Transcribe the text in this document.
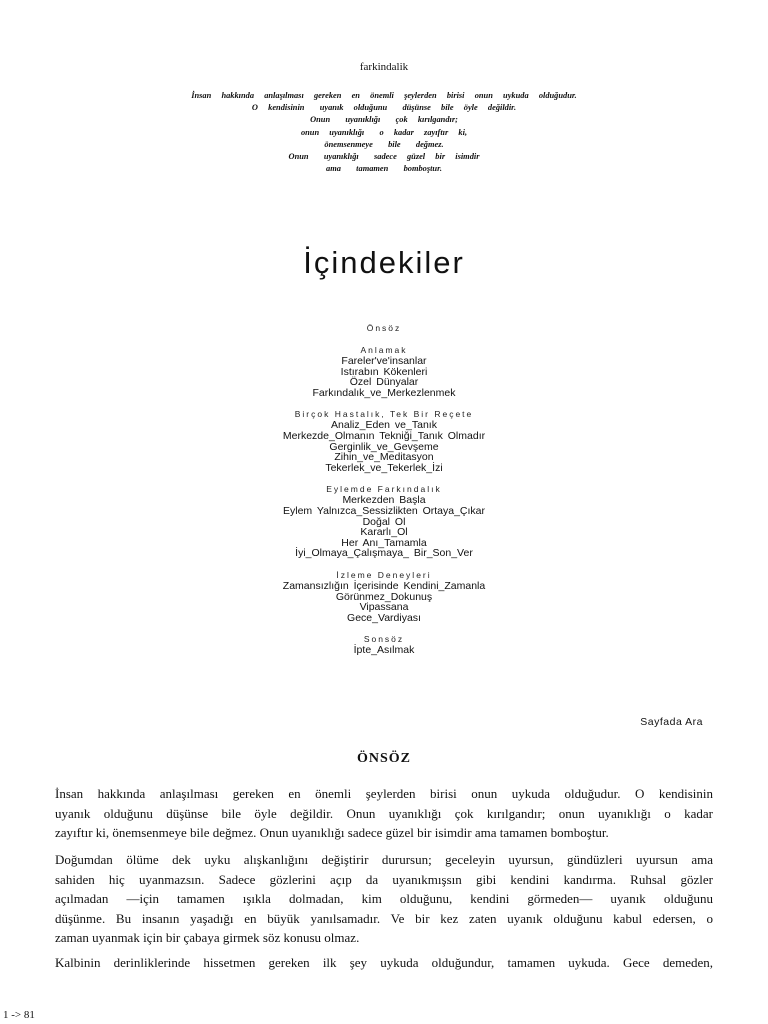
farkindalik
İnsan  hakkında  anlaşılması  gereken  en  önemli  şeylerden  birisi  onun  uykuda  olduğudur.
O  kendisinin   uyanık  olduğunu   düşünse  bile  öyle  değildir.
Onun   uyanıklığı   çok  kırılgandır;
onun  uyanıklığı   o  kadar  zayıftır  ki,
önemsenmeye   bile   değmez.
Onun   uyanıklığı   sadece  güzel  bir  isimdir
ama   tamamen   bomboştur.
İçindekiler
Önsöz
Anlamak
Fareler've'insanlar
Istırabın Kökenleri
Özel Dünyalar
Farkındalık_ve_Merkezlenmek
Birçok Hastalık, Tek Bir Reçete
Analiz_Eden ve_Tanık
Merkezde_Olmanın Tekniği_Tanık Olmadır
Gerginlik_ve_Gevşeme
Zihin_ve_Meditasyon
Tekerlek_ve_Tekerlek_İzi
Eylemde Farkındalık
Merkezden Başla
Eylem Yalnızca_Sessizlikten Ortaya_Çıkar
Doğal Ol
Kararlı_Ol
Her Anı_Tamamla
İyi_Olmaya_Çalışmaya_ Bir_Son_Ver
İzleme Deneyleri
Zamansızlığın İçerisinde Kendini_Zamanla
Görünmez_Dokunuş
Vipassana
Gece_Vardiyası
Sonsöz
İpte_Asılmak
Sayfada Ara
ÖNSÖZ
İnsan hakkında anlaşılması gereken en önemli şeylerden birisi onun uykuda olduğudur. O kendisinin
uyanık olduğunu düşünse bile öyle değildir. Onun uyanıklığı çok kırılgandır; onun uyanıklığı o kadar
zayıftır ki, önemsenmeye bile değmez. Onun uyanıklığı sadece güzel bir isimdir ama tamamen bomboştur.
Doğumdan ölüme dek uyku alışkanlığını değiştirir durursun; geceleyin uyursun, gündüzleri uyursun ama
sahiden hiç uyanmazsın. Sadece gözlerini açıp da uyanıkmışsın gibi kendini kandırma. Ruhsal gözler
açılmadan —için tamamen ışıkla dolmadan, kim olduğunu, kendini görmeden— uyanık olduğunu
düşünme. Bu insanın yaşadığı en büyük yanılsamadır. Ve bir kez zaten uyanık olduğunu kabul edersen, o
zaman uyanmak için bir çabaya girmek söz konusu olmaz.
Kalbinin derinliklerinde hissetmen gereken ilk şey uykuda olduğundur, tamamen uykuda. Gece demeden,
1 -> 81
